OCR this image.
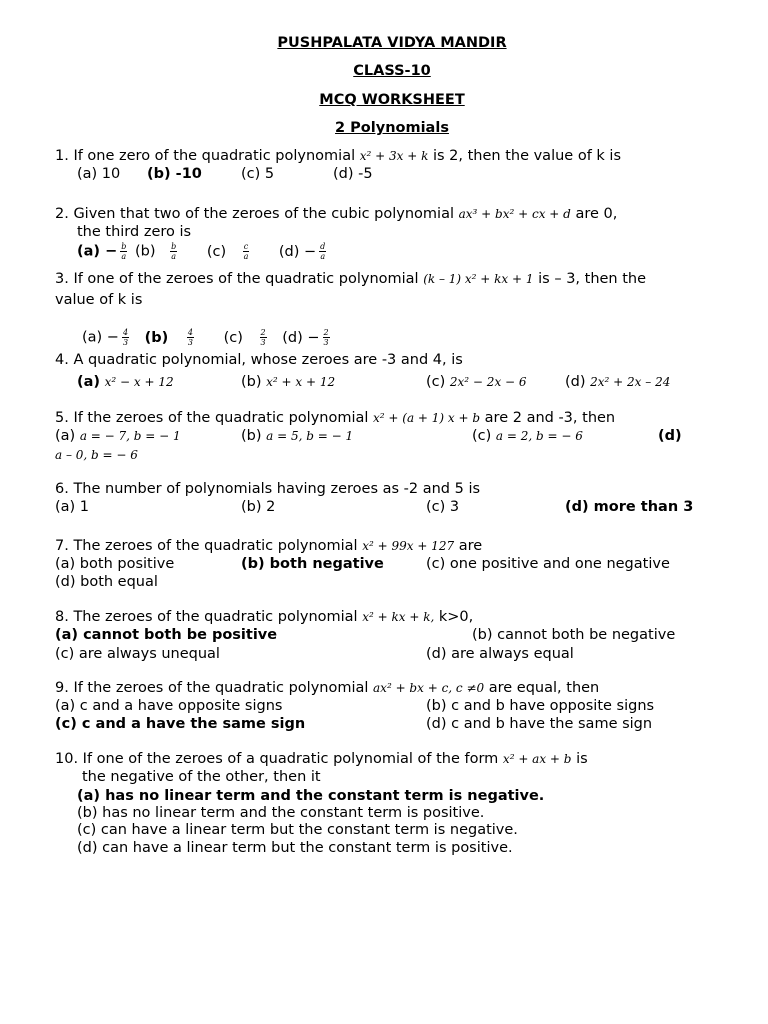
PUSHPALATA VIDYA MANDIR
CLASS-10
MCQ WORKSHEET
2 Polynomials
1. If one zero of the quadratic polynomial x² + 3x + k is 2, then the value of k is
(a) 10 (b) -10	(c) 5	(d) -5
2. Given that two of the zeroes of the cubic polynomial ax³ + bx² + cx + d are 0,
the third zero is
$(a) - \frac{b}{a} (b) \frac{b}{a} (c) \frac{c}{a} (d) - \frac{d}{a}$
3. If one of the zeroes of the quadratic polynomial (k – 1) x² + kx + 1 is – 3, then the
value of k is
$(a) - \frac{4}{3} (b) \frac{4}{3} (c) \frac{2}{3} (d) - \frac{2}{3}$
4. A quadratic polynomial, whose zeroes are -3 and 4, is
(a) x² − x + 12	(b) x² + x + 12	(c) 2x² − 2x − 6	(d) 2x² + 2x – 24
5. If the zeroes of the quadratic polynomial x² + (a + 1) x + b are 2 and -3, then
(a) a = − 7, b = − 1	(b) a = 5, b = − 1	(c) a = 2, b = − 6	(d)
a – 0, b = − 6
6. The number of polynomials having zeroes as -2 and 5 is
(a) 1	(b) 2	(c) 3	(d) more than 3
7. The zeroes of the quadratic polynomial x² + 99x + 127 are
(a) both positive	(b) both negative	(c) one positive and one negative
(d) both equal
8. The zeroes of the quadratic polynomial x² + kx + k, k>0,
(a) cannot both be positive	(b) cannot both be negative
(c) are always unequal	(d) are always equal
9. If the zeroes of the quadratic polynomial ax² + bx + c, c ≠0 are equal, then
(a) c and a have opposite signs	(b) c and b have opposite signs
(c) c and a have the same sign	(d) c and b have the same sign
10. If one of the zeroes of a quadratic polynomial of the form x² + ax + b is
the negative of the other, then it
(a) has no linear term and the constant term is negative.
(b) has no linear term and the constant term is positive.
(c) can have a linear term but the constant term is negative.
(d) can have a linear term but the constant term is positive.
